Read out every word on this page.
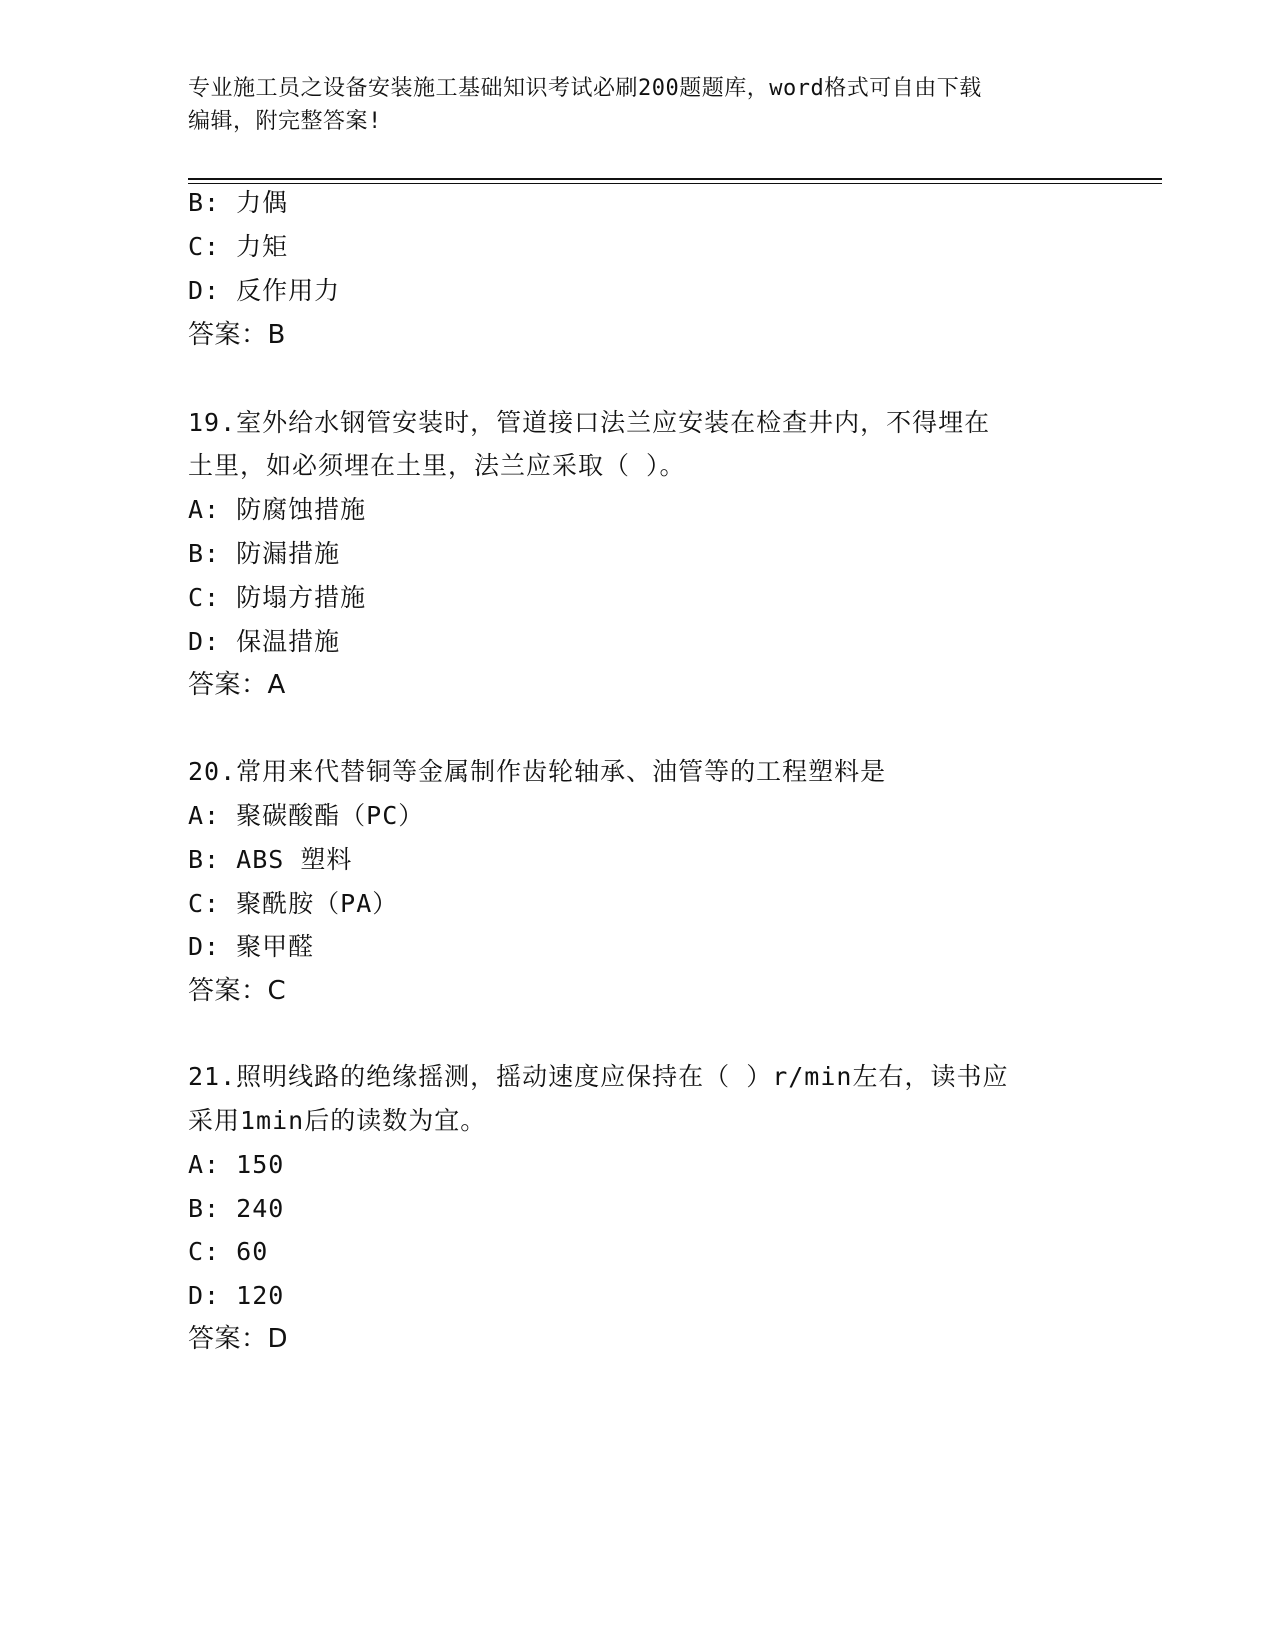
专业施工员之设备安装施工基础知识考试必刷200题题库，word格式可自由下载
编辑，附完整答案!
B: 力偶
C: 力矩
D: 反作用力
答案：B
19.室外给水钢管安装时，管道接口法兰应安装在检查井内，不得埋在
土里，如必须埋在土里，法兰应采取（ ）。
A: 防腐蚀措施
B: 防漏措施
C: 防塌方措施
D: 保温措施
答案：A
20.常用来代替铜等金属制作齿轮轴承、油管等的工程塑料是
A: 聚碳酸酯（PC）
B: ABS 塑料
C: 聚酰胺（PA）
D: 聚甲醛
答案：C
21.照明线路的绝缘摇测，摇动速度应保持在（ ）r/min左右，读书应
采用1min后的读数为宜。
A: 150
B: 240
C: 60
D: 120
答案：D
